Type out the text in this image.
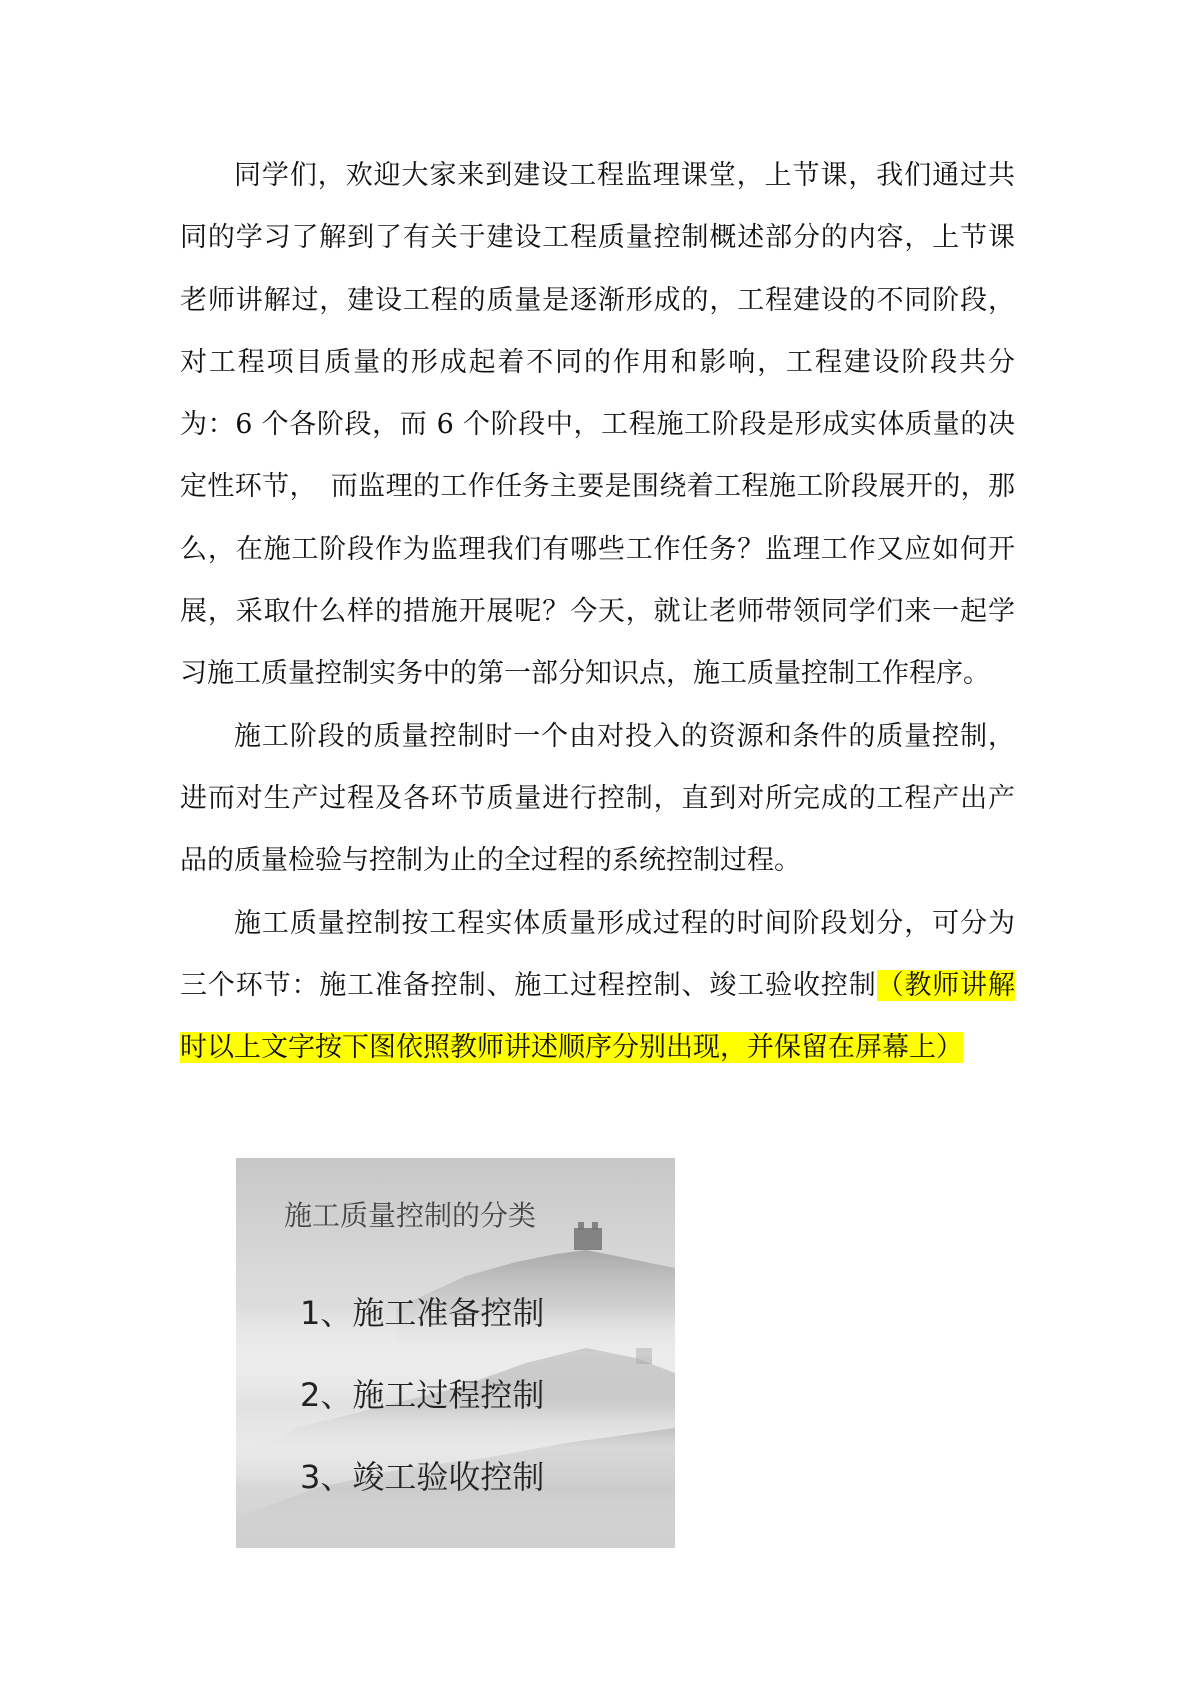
同学们，欢迎大家来到建设工程监理课堂，上节课，我们通过共同的学习了解到了有关于建设工程质量控制概述部分的内容，上节课老师讲解过，建设工程的质量是逐渐形成的，工程建设的不同阶段，对工程项目质量的形成起着不同的作用和影响，工程建设阶段共分为：6 个各阶段，而 6 个阶段中，工程施工阶段是形成实体质量的决定性环节，　而监理的工作任务主要是围绕着工程施工阶段展开的，那么，在施工阶段作为监理我们有哪些工作任务？监理工作又应如何开展，采取什么样的措施开展呢？今天，就让老师带领同学们来一起学习施工质量控制实务中的第一部分知识点，施工质量控制工作程序。

施工阶段的质量控制时一个由对投入的资源和条件的质量控制，进而对生产过程及各环节质量进行控制，直到对所完成的工程产出产品的质量检验与控制为止的全过程的系统控制过程。

施工质量控制按工程实体质量形成过程的时间阶段划分，可分为三个环节：施工准备控制、施工过程控制、竣工验收控制（教师讲解时以上文字按下图依照教师讲述顺序分别出现，并保留在屏幕上）

施工质量控制的分类
1、施工准备控制
2、施工过程控制
3、竣工验收控制
